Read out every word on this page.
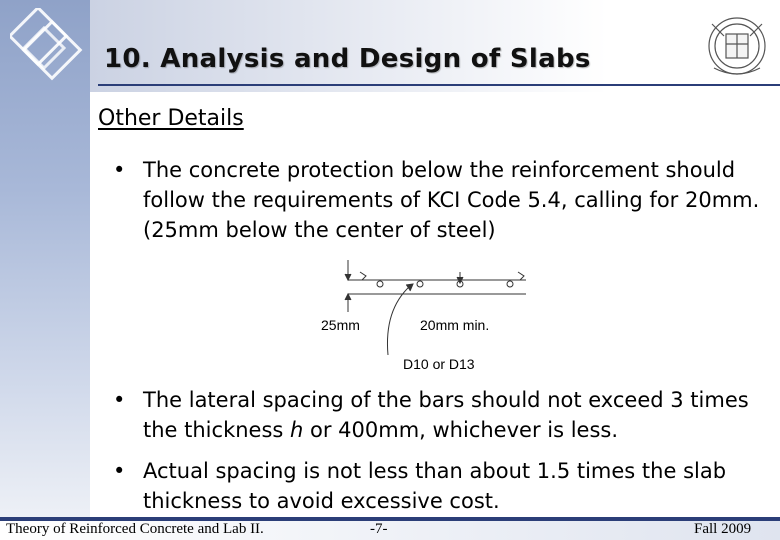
10. Analysis and Design of Slabs
Other Details
• The concrete protection below the reinforcement should
follow the requirements of KCI Code 5.4, calling for 20mm.
(25mm below the center of steel)
25mm	20mm min.
D10 or D13
• The lateral spacing of the bars should not exceed 3 times
the thickness h or 400mm, whichever is less.
• Actual spacing is not less than about 1.5 times the slab
thickness to avoid excessive cost.
Theory of Reinforced Concrete and Lab II.	-7-	Fall 2009
